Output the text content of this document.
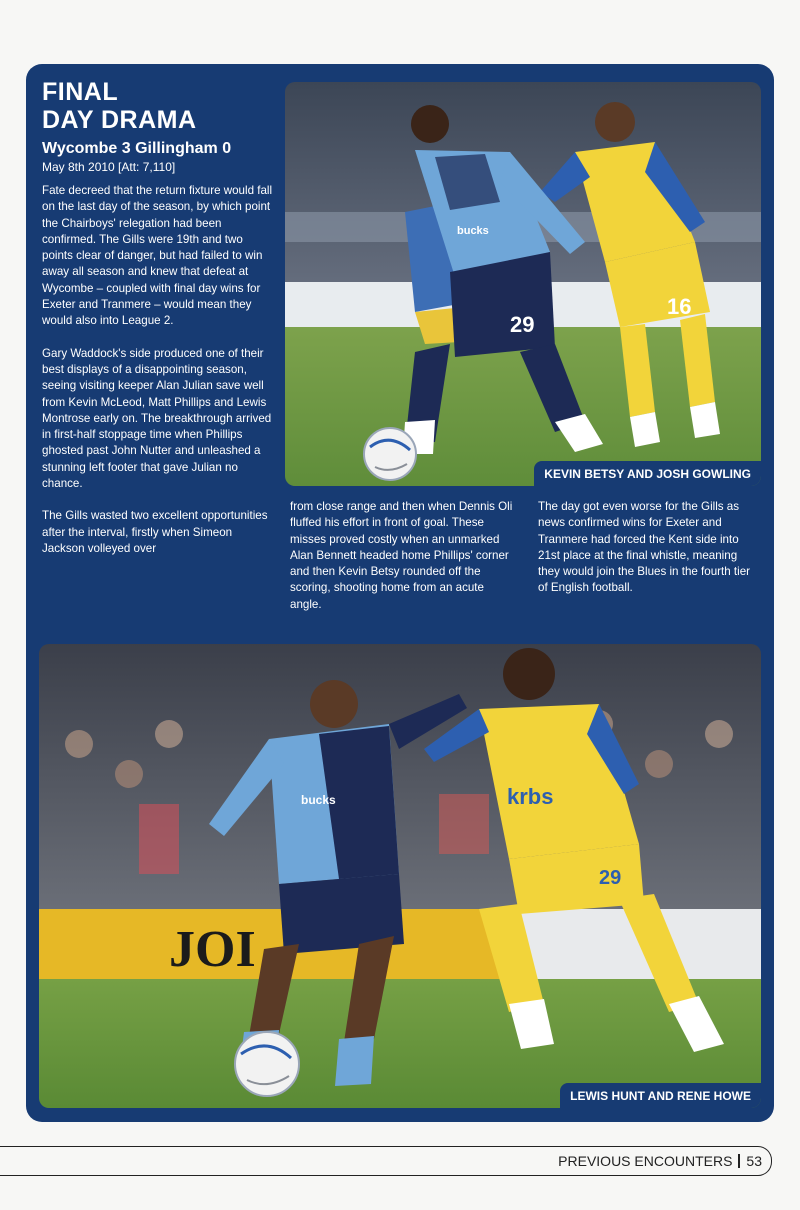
FINAL
DAY DRAMA
Wycombe 3 Gillingham 0
May 8th 2010 [Att: 7,110]

Fate decreed that the return fixture would fall on the last day of the season, by which point the Chairboys' relegation had been confirmed. The Gills were 19th and two points clear of danger, but had failed to win away all season and knew that defeat at Wycombe – coupled with final day wins for Exeter and Tranmere – would mean they would also into League 2.

Gary Waddock's side produced one of their best displays of a disappointing season, seeing visiting keeper Alan Julian save well from Kevin McLeod, Matt Phillips and Lewis Montrose early on. The breakthrough arrived in first-half stoppage time when Phillips ghosted past John Nutter and unleashed a stunning left footer that gave Julian no chance.

The Gills wasted two excellent opportunities after the interval, firstly when Simeon Jackson volleyed over

from close range and then when Dennis Oli fluffed his effort in front of goal. These misses proved costly when an unmarked Alan Bennett headed home Phillips' corner and then Kevin Betsy rounded off the scoring, shooting home from an acute angle.

The day got even worse for the Gills as news confirmed wins for Exeter and Tranmere had forced the Kent side into 21st place at the final whistle, meaning they would join the Blues in the fourth tier of English football.

16
bucks
29
KEVIN BETSY AND JOSH GOWLING
JOI
bucks	krbs
29
LEWIS HUNT AND RENE HOWE
PREVIOUS ENCOUNTERS 53
